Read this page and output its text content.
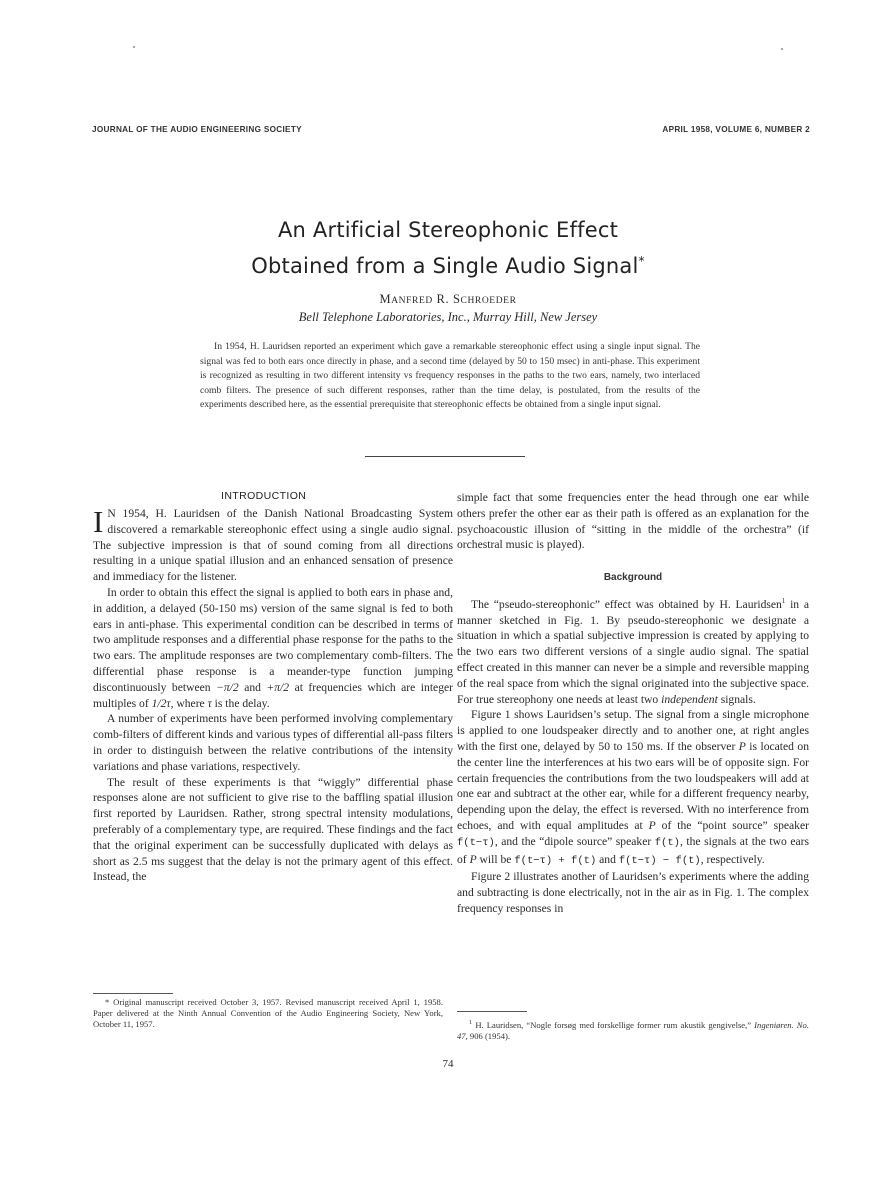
JOURNAL OF THE AUDIO ENGINEERING SOCIETY	APRIL 1958, VOLUME 6, NUMBER 2
An Artificial Stereophonic Effect
Obtained from a Single Audio Signal*
MANFRED R. SCHROEDER
Bell Telephone Laboratories, Inc., Murray Hill, New Jersey
In 1954, H. Lauridsen reported an experiment which gave a remarkable stereophonic effect using a single input signal. The signal was fed to both ears once directly in phase, and a second time (delayed by 50 to 150 msec) in anti-phase. This experiment is recognized as resulting in two different intensity vs frequency responses in the paths to the two ears, namely, two interlaced comb filters. The presence of such different responses, rather than the time delay, is postulated, from the results of the experiments described here, as the essential prerequisite that stereophonic effects be obtained from a single input signal.
INTRODUCTION

I N 1954, H. Lauridsen of the Danish National Broadcasting System discovered a remarkable stereophonic effect using a single audio signal. The subjective impression is that of sound coming from all directions resulting in a unique spatial illusion and an enhanced sensation of presence and immediacy for the listener.

In order to obtain this effect the signal is applied to both ears in phase and, in addition, a delayed (50-150 ms) version of the same signal is fed to both ears in anti-phase. This experimental condition can be described in terms of two amplitude responses and a differential phase response for the paths to the two ears. The amplitude responses are two complementary comb-filters. The differential phase response is a meander-type function jumping discontinuously between −π/2 and +π/2 at frequencies which are integer multiples of 1/2τ, where τ is the delay.

A number of experiments have been performed involving complementary comb-filters of different kinds and various types of differential all-pass filters in order to distinguish between the relative contributions of the intensity variations and phase variations, respectively.

The result of these experiments is that “wiggly” differential phase responses alone are not sufficient to give rise to the baffling spatial illusion first reported by Lauridsen. Rather, strong spectral intensity modulations, preferably of a complementary type, are required. These findings and the fact that the original experiment can be successfully duplicated with delays as short as 2.5 ms suggest that the delay is not the primary agent of this effect. Instead, the

* Original manuscript received October 3, 1957. Revised manuscript received April 1, 1958. Paper delivered at the Ninth Annual Convention of the Audio Engineering Society, New York, October 11, 1957.

simple fact that some frequencies enter the head through one ear while others prefer the other ear as their path is offered as an explanation for the psychoacoustic illusion of “sitting in the middle of the orchestra” (if orchestral music is played).

Background

The “pseudo-stereophonic” effect was obtained by H. Lauridsen$^1$ in a manner sketched in Fig. 1. By pseudo-stereophonic we designate a situation in which a spatial subjective impression is created by applying to the two ears two different versions of a single audio signal. The spatial effect created in this manner can never be a simple and reversible mapping of the real space from which the signal originated into the subjective space. For true stereophony one needs at least two independent signals.

Figure 1 shows Lauridsen’s setup. The signal from a single microphone is applied to one loudspeaker directly and to another one, at right angles with the first one, delayed by 50 to 150 ms. If the observer P is located on the center line the interferences at his two ears will be of opposite sign. For certain frequencies the contributions from the two loudspeakers will add at one ear and subtract at the other ear, while for a different frequency nearby, depending upon the delay, the effect is reversed. With no interference from echoes, and with equal amplitudes at P of the “point source” speaker f(t−τ), and the “dipole source” speaker f(t), the signals at the two ears of P will be f(t−τ) + f(t) and f(t−τ) − f(t), respectively.

Figure 2 illustrates another of Lauridsen’s experiments where the adding and subtracting is done electrically, not in the air as in Fig. 1. The complex frequency responses in

$^1$ H. Lauridsen, “Nogle forsøg med forskellige former rum akustik gengivelse,” Ingeniøren. No. 47, 906 (1954).
74
